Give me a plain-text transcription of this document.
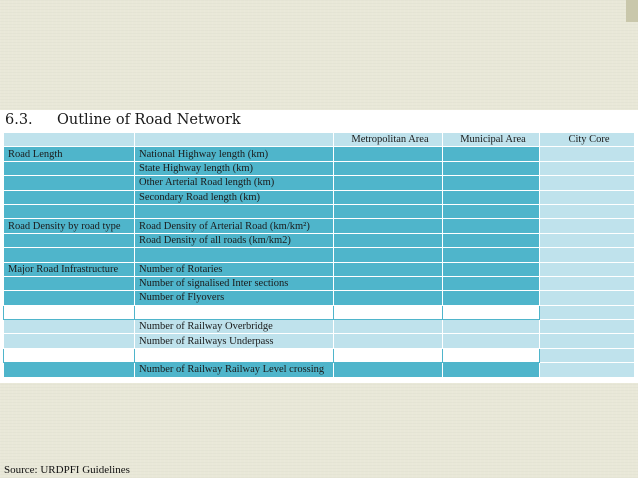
6.3. Outline of Road Network
		Metropolitan Area	Municipal Area	City Core
Road Length	National Highway length (km)			
	State Highway length (km)			
	Other Arterial Road length (km)			
	Secondary Road length (km)			

Road Density by road type	Road Density of Arterial Road (km/km²)			
	Road Density of all roads (km/km2)			

Major Road Infrastructure	Number of Rotaries			
	Number of signalised Inter sections			
	Number of Flyovers			

	Number of Railway Overbridge			
	Number of Railways Underpass			

	Number of Railway Railway Level crossing			
Source: URDPFI Guidelines
